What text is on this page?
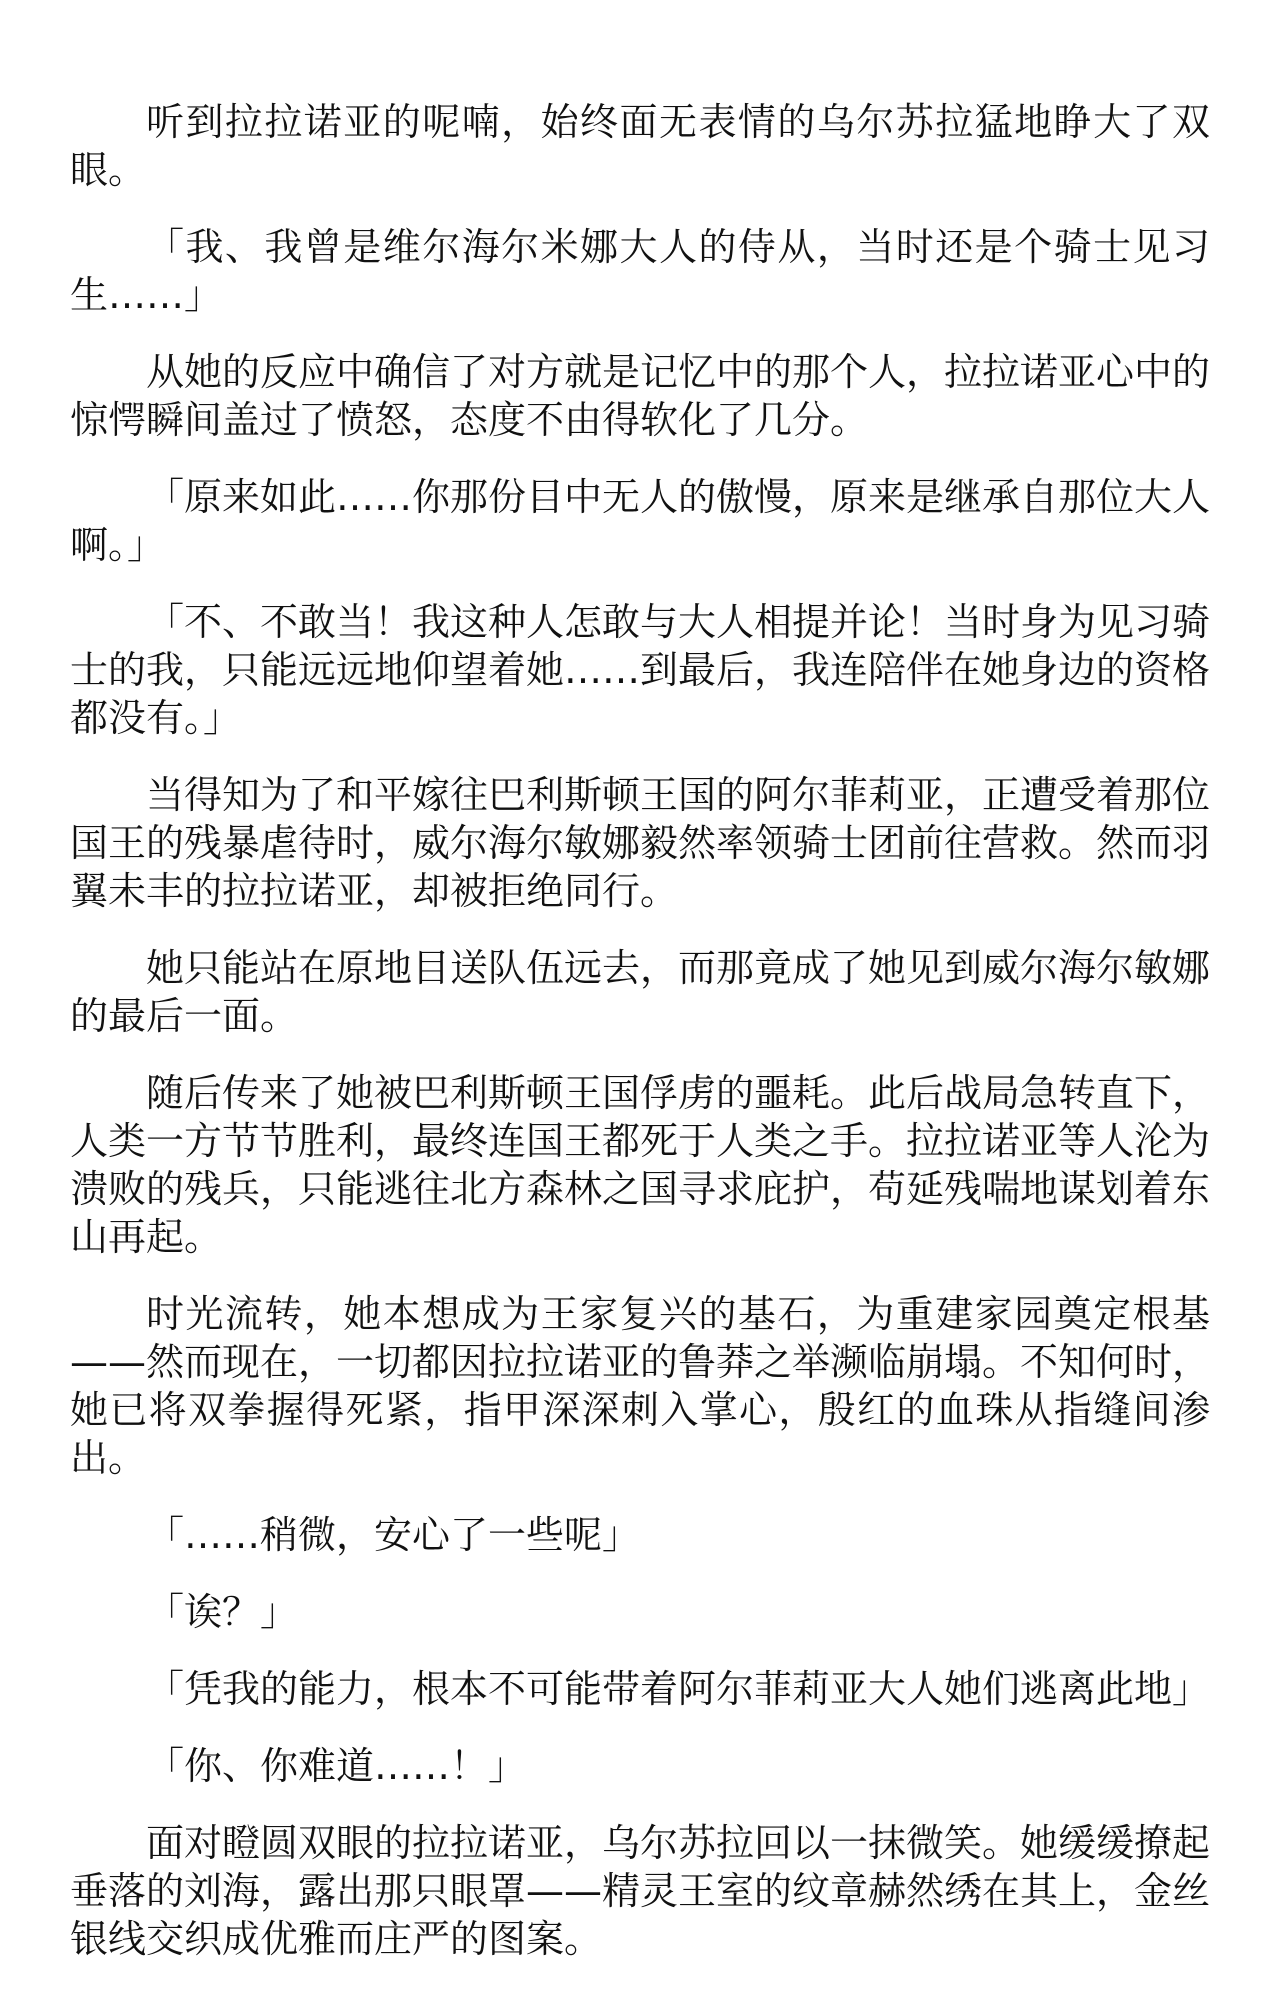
听到拉拉诺亚的呢喃，始终面无表情的乌尔苏拉猛地睁大了双眼。

「我、我曾是维尔海尔米娜大人的侍从，当时还是个骑士见习生……」

从她的反应中确信了对方就是记忆中的那个人，拉拉诺亚心中的惊愕瞬间盖过了愤怒，态度不由得软化了几分。

「原来如此……你那份目中无人的傲慢，原来是继承自那位大人啊。」

「不、不敢当！我这种人怎敢与大人相提并论！当时身为见习骑士的我，只能远远地仰望着她……到最后，我连陪伴在她身边的资格都没有。」

当得知为了和平嫁往巴利斯顿王国的阿尔菲莉亚，正遭受着那位国王的残暴虐待时，威尔海尔敏娜毅然率领骑士团前往营救。然而羽翼未丰的拉拉诺亚，却被拒绝同行。

她只能站在原地目送队伍远去，而那竟成了她见到威尔海尔敏娜的最后一面。

随后传来了她被巴利斯顿王国俘虏的噩耗。此后战局急转直下，人类一方节节胜利，最终连国王都死于人类之手。拉拉诺亚等人沦为溃败的残兵，只能逃往北方森林之国寻求庇护，苟延残喘地谋划着东山再起。

时光流转，她本想成为王家复兴的基石，为重建家园奠定根基——然而现在，一切都因拉拉诺亚的鲁莽之举濒临崩塌。不知何时，她已将双拳握得死紧，指甲深深刺入掌心，殷红的血珠从指缝间渗出。

「……稍微，安心了一些呢」

「诶？」

「凭我的能力，根本不可能带着阿尔菲莉亚大人她们逃离此地」

「你、你难道……！」

面对瞪圆双眼的拉拉诺亚，乌尔苏拉回以一抹微笑。她缓缓撩起垂落的刘海，露出那只眼罩——精灵王室的纹章赫然绣在其上，金丝银线交织成优雅而庄严的图案。
